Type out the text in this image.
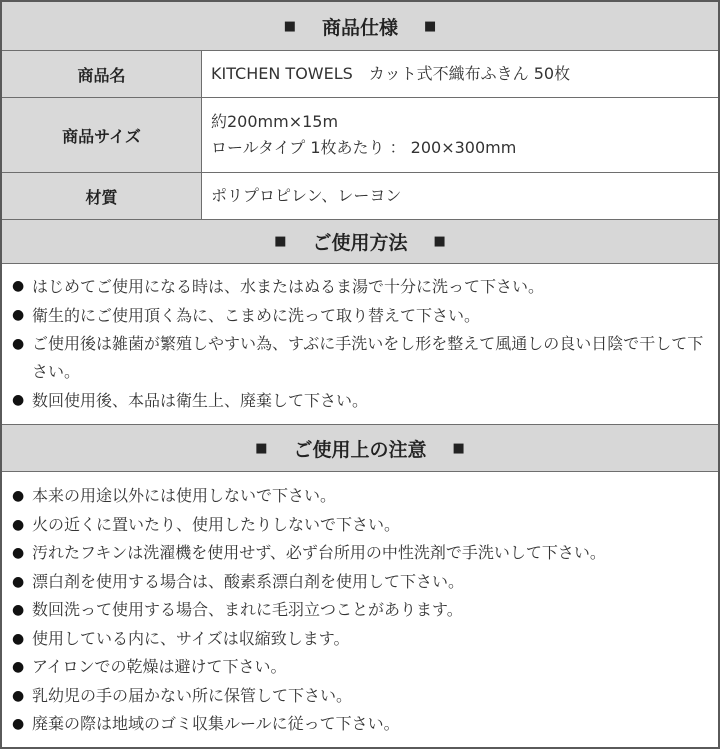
■ 商品仕様 ■
商品名	KITCHEN TOWELS　カット式不織布ふきん 50枚
商品サイズ
約200mm×15m
ロールタイプ 1枚あたり ： 200×300mm
材質	ポリプロピレン、レーヨン
■ ご使用方法 ■
● はじめてご使用になる時は、水またはぬるま湯で十分に洗って下さい。
● 衛生的にご使用頂く為に、こまめに洗って取り替えて下さい。
● ご使用後は雑菌が繁殖しやすい為、すぶに手洗いをし形を整えて風通しの良い日陰で干して下さい。
● 数回使用後、本品は衛生上、廃棄して下さい。
■ ご使用上の注意 ■
● 本来の用途以外には使用しないで下さい。
● 火の近くに置いたり、使用したりしないで下さい。
● 汚れたフキンは洗濯機を使用せず、必ず台所用の中性洗剤で手洗いして下さい。
● 漂白剤を使用する場合は、酸素系漂白剤を使用して下さい。
● 数回洗って使用する場合、まれに毛羽立つことがあります。
● 使用している内に、サイズは収縮致します。
● アイロンでの乾燥は避けて下さい。
● 乳幼児の手の届かない所に保管して下さい。
● 廃棄の際は地域のゴミ収集ルールに従って下さい。
